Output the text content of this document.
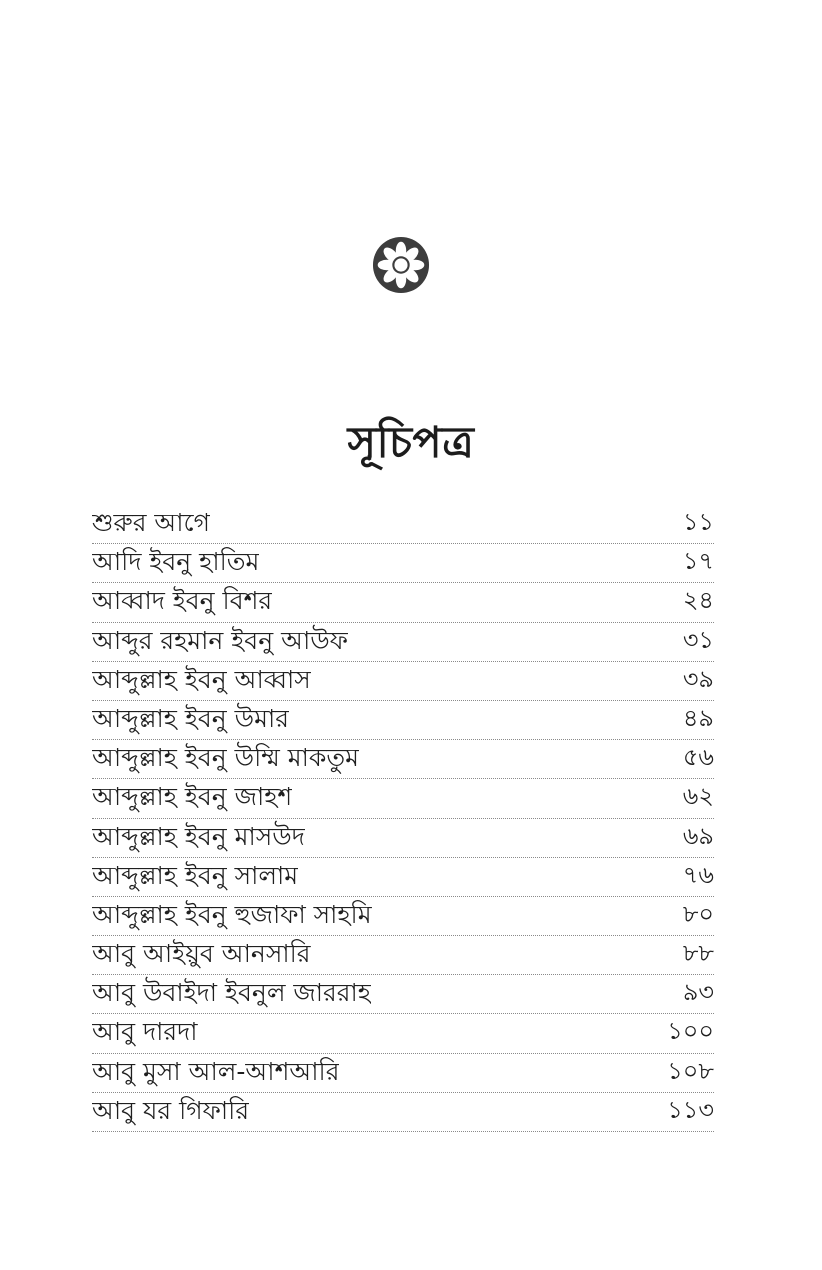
সূচিপত্র
শুরুর আগে	১১
আদি ইবনু হাতিম	১৭
আব্বাদ ইবনু বিশর	২৪
আব্দুর রহমান ইবনু আউফ	৩১
আব্দুল্লাহ ইবনু আব্বাস	৩৯
আব্দুল্লাহ ইবনু উমার	৪৯
আব্দুল্লাহ ইবনু উম্মি মাকতুম	৫৬
আব্দুল্লাহ ইবনু জাহশ	৬২
আব্দুল্লাহ ইবনু মাসউদ	৬৯
আব্দুল্লাহ ইবনু সালাম	৭৬
আব্দুল্লাহ ইবনু হুজাফা সাহমি	৮০
আবু আইয়ুব আনসারি	৮৮
আবু উবাইদা ইবনুল জাররাহ	৯৩
আবু দারদা	১০০
আবু মুসা আল-আশআরি	১০৮
আবু যর গিফারি	১১৩
